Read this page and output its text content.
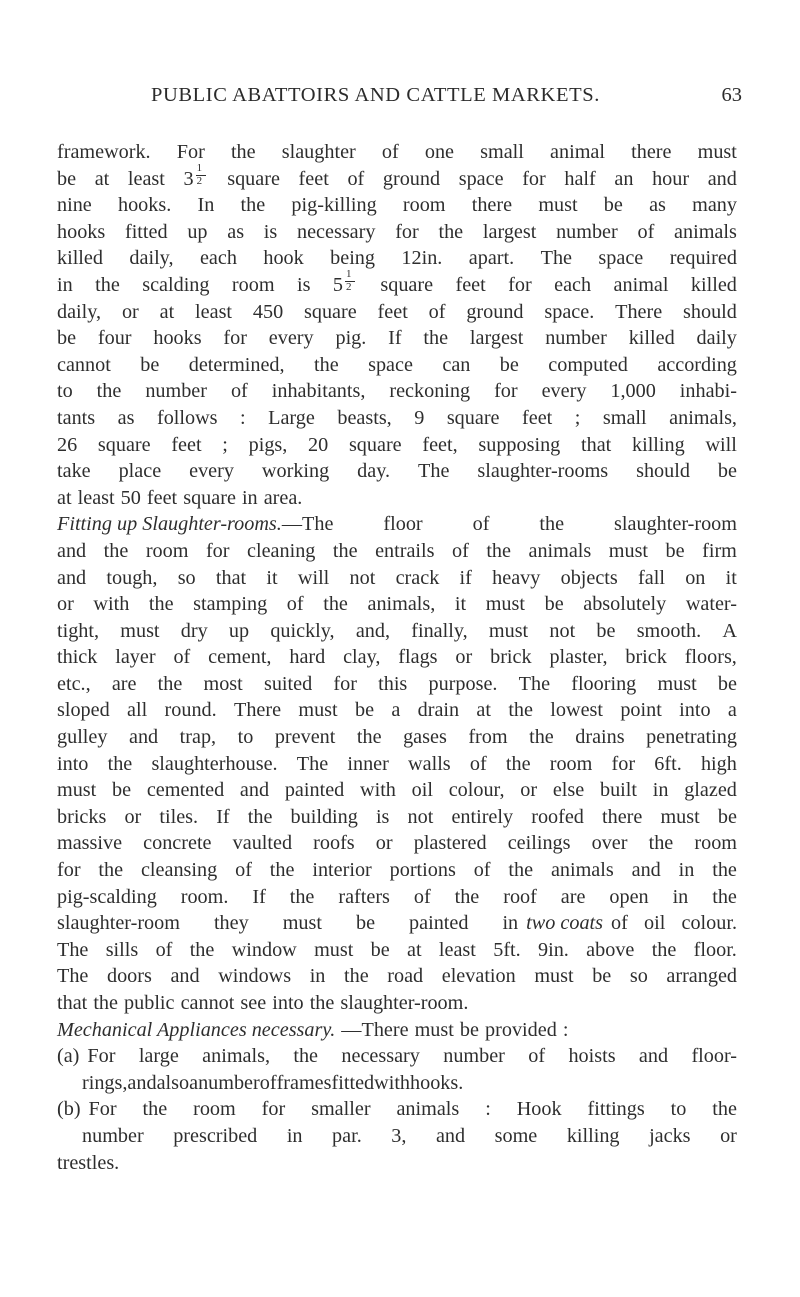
PUBLIC ABATTOIRS AND CATTLE MARKETS.	63
framework. For the slaughter of one small animal there must
be at least $3 \frac{1}{2}$ square feet of ground space for half an hour and
nine hooks. In the pig-killing room there must be as many
hooks fitted up as is necessary for the largest number of animals
killed daily, each hook being 12in. apart. The space required
in the scalding room is $5 \frac{1}{2}$ square feet for each animal killed
daily, or at least 450 square feet of ground space. There should
be four hooks for every pig. If the largest number killed daily
cannot be determined, the space can be computed according
to the number of inhabitants, reckoning for every 1,000 inhabi-
tants as follows : Large beasts, 9 square feet ; small animals,
26 square feet ; pigs, 20 square feet, supposing that killing will
take place every working day. The slaughter-rooms should be
at least 50 feet square in area.
Fitting up Slaughter-rooms. —The floor of the slaughter-room
and the room for cleaning the entrails of the animals must be firm
and tough, so that it will not crack if heavy objects fall on it
or with the stamping of the animals, it must be absolutely water-
tight, must dry up quickly, and, finally, must not be smooth. A
thick layer of cement, hard clay, flags or brick plaster, brick floors,
etc., are the most suited for this purpose. The flooring must be
sloped all round. There must be a drain at the lowest point into a
gulley and trap, to prevent the gases from the drains penetrating
into the slaughterhouse. The inner walls of the room for 6ft. high
must be cemented and painted with oil colour, or else built in glazed
bricks or tiles. If the building is not entirely roofed there must be
massive concrete vaulted roofs or plastered ceilings over the room
for the cleansing of the interior portions of the animals and in the
pig-scalding room. If the rafters of the roof are open in the
slaughter-room they must be painted in two coats of oil colour.
The sills of the window must be at least 5ft. 9in. above the floor.
The doors and windows in the road elevation must be so arranged
that the public cannot see into the slaughter-room.
Mechanical Appliances necessary. —There must be provided :
(a) For large animals, the necessary number of hoists and floor-
rings, and also a number of frames fitted with hooks.
(b) For the room for smaller animals : Hook fittings to the
number prescribed in par. 3, and some killing jacks or
trestles.
